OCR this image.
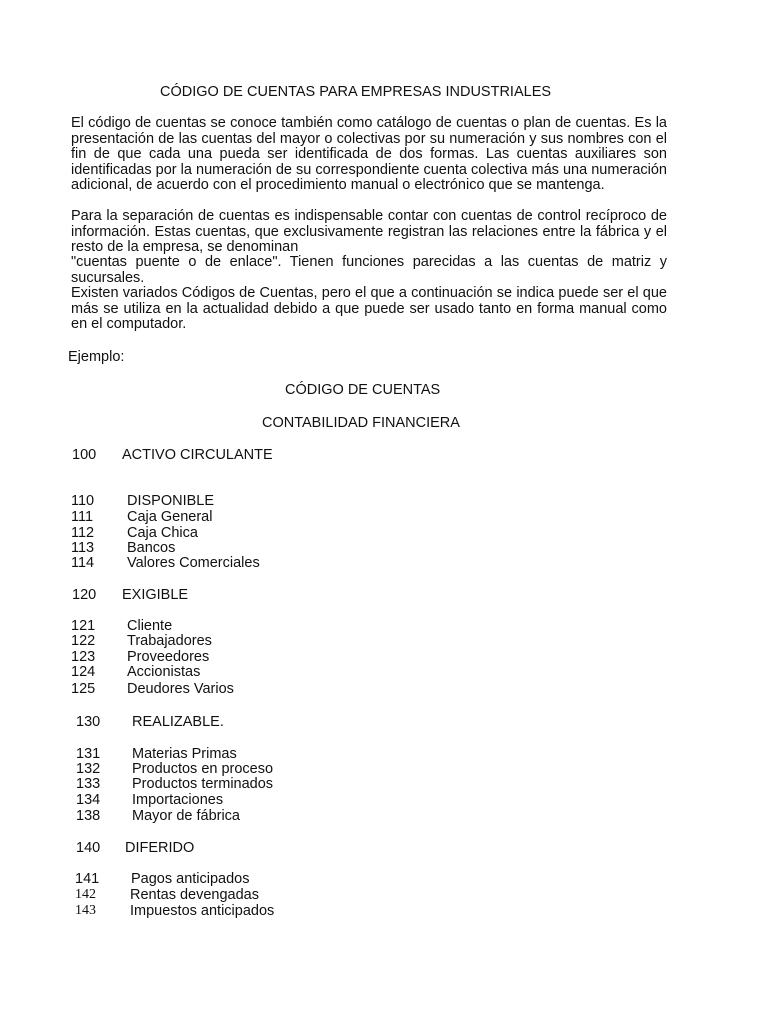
CÓDIGO DE CUENTAS PARA EMPRESAS INDUSTRIALES
El código de cuentas se conoce también como catálogo de cuentas o plan de cuentas. Es la presentación de las cuentas del mayor o colectivas por su numeración y sus nombres con el fin de que cada una pueda ser identificada de dos formas. Las cuentas auxiliares son identificadas por la numeración de su correspondiente cuenta colectiva más una numeración adicional, de acuerdo con el procedimiento manual o electrónico que se mantenga.
Para la separación de cuentas es indispensable contar con cuentas de control recíproco de información. Estas cuentas, que exclusivamente registran las relaciones entre la fábrica y el resto de la empresa, se denominan
"cuentas puente o de enlace". Tienen funciones parecidas a las cuentas de matriz y sucursales.
Existen variados Códigos de Cuentas, pero el que a continuación se indica puede ser el que más se utiliza en la actualidad debido a que puede ser usado tanto en forma manual como en el computador.
Ejemplo:
CÓDIGO DE CUENTAS
CONTABILIDAD FINANCIERA
100 ACTIVO CIRCULANTE
110 DISPONIBLE
111 Caja General
112 Caja Chica
113 Bancos
114 Valores Comerciales
120 EXIGIBLE
121 Cliente
122 Trabajadores
123 Proveedores
124 Accionistas
125 Deudores Varios
130 REALIZABLE.
131 Materias Primas
132 Productos en proceso
133 Productos terminados
134 Importaciones
138 Mayor de fábrica
140 DIFERIDO
141 Pagos anticipados
142 Rentas devengadas
143 Impuestos anticipados
